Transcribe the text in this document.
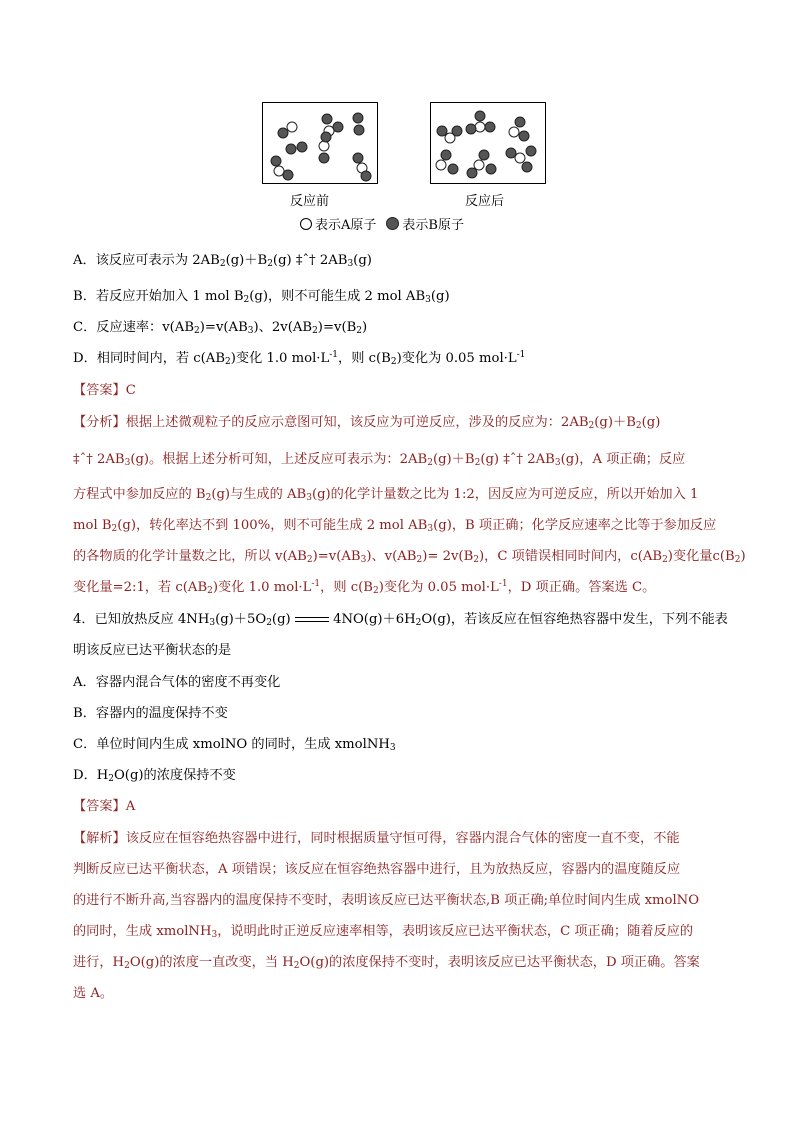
反应前	反应后
表示A原子 表示B原子
A．该反应可表示为 $2AB_2(g)+B_2(g)$ ‡ˆ† $2AB_3(g)$
B．若反应开始加入 1 mol $B_2(g)$，则不可能生成 2 mol $AB_3(g)$
C．反应速率：$v(AB_2)=v(AB_3)$、$2v(AB_2)=v(B_2)$
D．相同时间内，若 $c(AB_2)$变化 1.0 $mol\cdot L^{-1}$，则 $c(B_2)$变化为 0.05 $mol\cdot L^{-1}$
【答案】C
【分析】根据上述微观粒子的反应示意图可知，该反应为可逆反应，涉及的反应为：$2AB_2(g)+B_2(g)$
‡ˆ† $2AB_3(g)$。根据上述分析可知，上述反应可表示为：$2AB_2(g)+B_2(g)$ ‡ˆ† $2AB_3(g)$，A 项正确；反应
方程式中参加反应的 $B_2(g)$与生成的 $AB_3(g)$的化学计量数之比为 1:2，因反应为可逆反应，所以开始加入 1
mol $B_2(g)$，转化率达不到 100%，则不可能生成 2 mol $AB_3(g)$，B 项正确；化学反应速率之比等于参加反应
的各物质的化学计量数之比，所以 $v(AB_2)=v(AB_3)$、$v(AB_2)= 2v(B_2)$，C 项错误相同时间内，$c(AB_2)$变化量$c(B_2)$
变化量=2:1，若 $c(AB_2)$变化 1.0 $mol\cdot L^{-1}$，则 $c(B_2)$变化为 0.05 $mol\cdot L^{-1}$，D 项正确。答案选 C。
4．已知放热反应 $4NH_3(g)+5O_2(g)$	$4NO(g)+6H_2O(g)$，若该反应在恒容绝热容器中发生，下列不能表
明该反应已达平衡状态的是
A．容器内混合气体的密度不再变化
B．容器内的温度保持不变
C．单位时间内生成 xmolNO 的同时，生成 xmolNH$_3$
D．$H_2O(g)$的浓度保持不变
【答案】A
【解析】该反应在恒容绝热容器中进行，同时根据质量守恒可得，容器内混合气体的密度一直不变，不能
判断反应已达平衡状态，A 项错误；该反应在恒容绝热容器中进行，且为放热反应，容器内的温度随反应
的进行不断升高,当容器内的温度保持不变时，表明该反应已达平衡状态,B 项正确;单位时间内生成 xmolNO
的同时，生成 xmolNH$_3$，说明此时正逆反应速率相等，表明该反应已达平衡状态，C 项正确；随着反应的
进行，$H_2O(g)$的浓度一直改变，当 $H_2O(g)$的浓度保持不变时，表明该反应已达平衡状态，D 项正确。答案
选 A。
